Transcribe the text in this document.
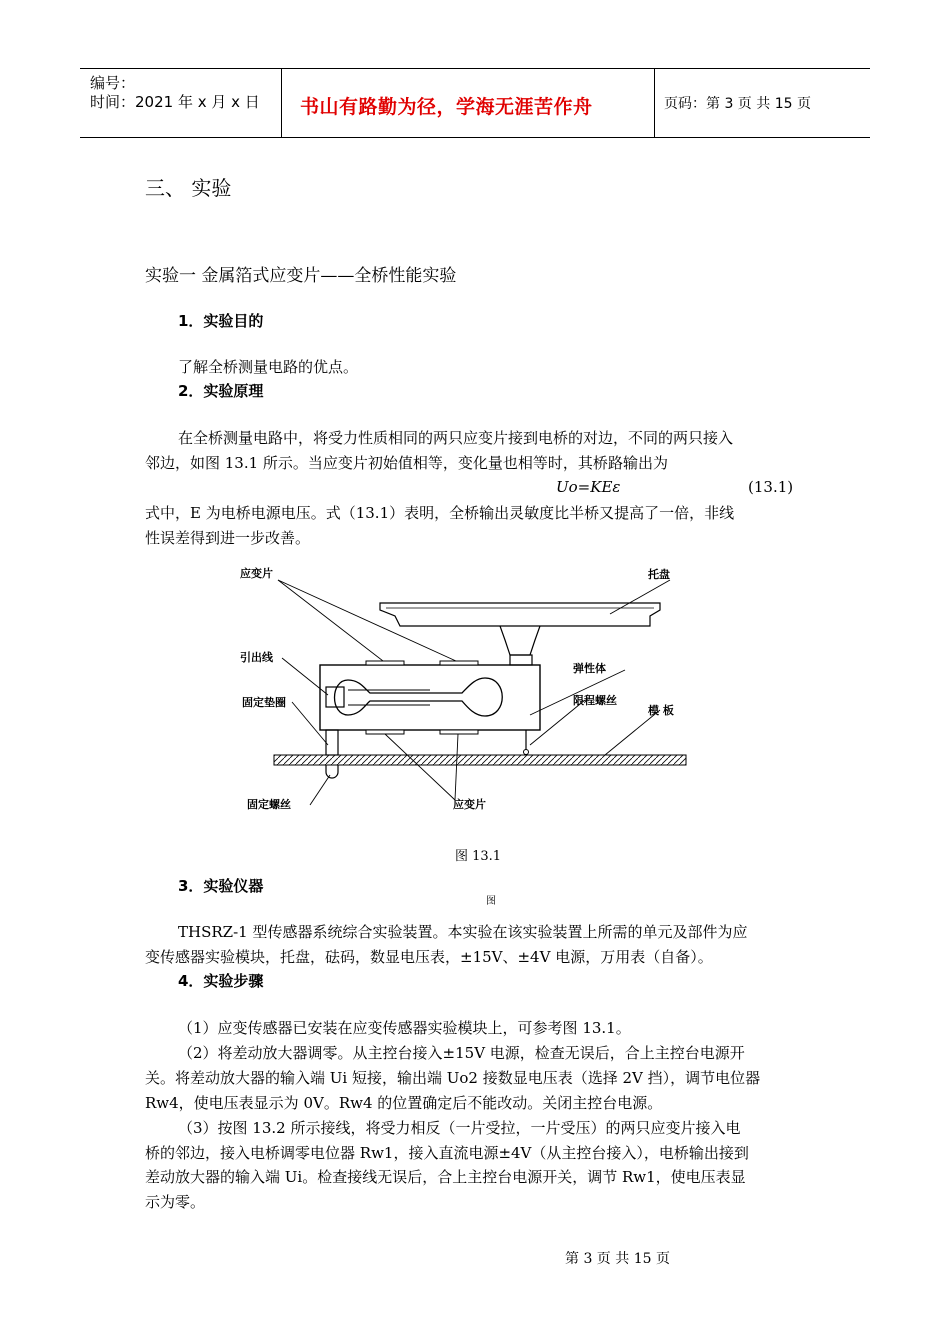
编号：
时间：2021 年 x 月 x 日 书山有路勤为径，学海无涯苦作舟	页码：第 3 页 共 15 页
三、 实验
实验一 金属箔式应变片——全桥性能实验
1．实验目的
了解全桥测量电路的优点。
2．实验原理
在全桥测量电路中，将受力性质相同的两只应变片接到电桥的对边，不同的两只接入
邻边，如图 13.1 所示。当应变片初始值相等，变化量也相等时，其桥路输出为
Uo=KEε	(13.1)
式中，E 为电桥电源电压。式（13.1）表明，全桥输出灵敏度比半桥又提高了一倍，非线
性误差得到进一步改善。
应变片	托盘
引出线
弹性体
固定垫圈	限程螺丝
模 板
固定螺丝	应变片
图 13.1
3．实验仪器
图
THSRZ-1 型传感器系统综合实验装置。本实验在该实验装置上所需的单元及部件为应
变传感器实验模块，托盘，砝码，数显电压表，±15V、±4V 电源，万用表（自备）。
4．实验步骤
（1）应变传感器已安装在应变传感器实验模块上，可参考图 13.1。
（2）将差动放大器调零。从主控台接入±15V 电源，检查无误后，合上主控台电源开
关。将差动放大器的输入端 Ui 短接，输出端 Uo2 接数显电压表（选择 2V 挡），调节电位器
Rw4，使电压表显示为 0V。Rw4 的位置确定后不能改动。关闭主控台电源。
（3）按图 13.2 所示接线，将受力相反（一片受拉，一片受压）的两只应变片接入电
桥的邻边，接入电桥调零电位器 Rw1，接入直流电源±4V（从主控台接入），电桥输出接到
差动放大器的输入端 Ui。检查接线无误后，合上主控台电源开关，调节 Rw1，使电压表显
示为零。
第 3 页 共 15 页
